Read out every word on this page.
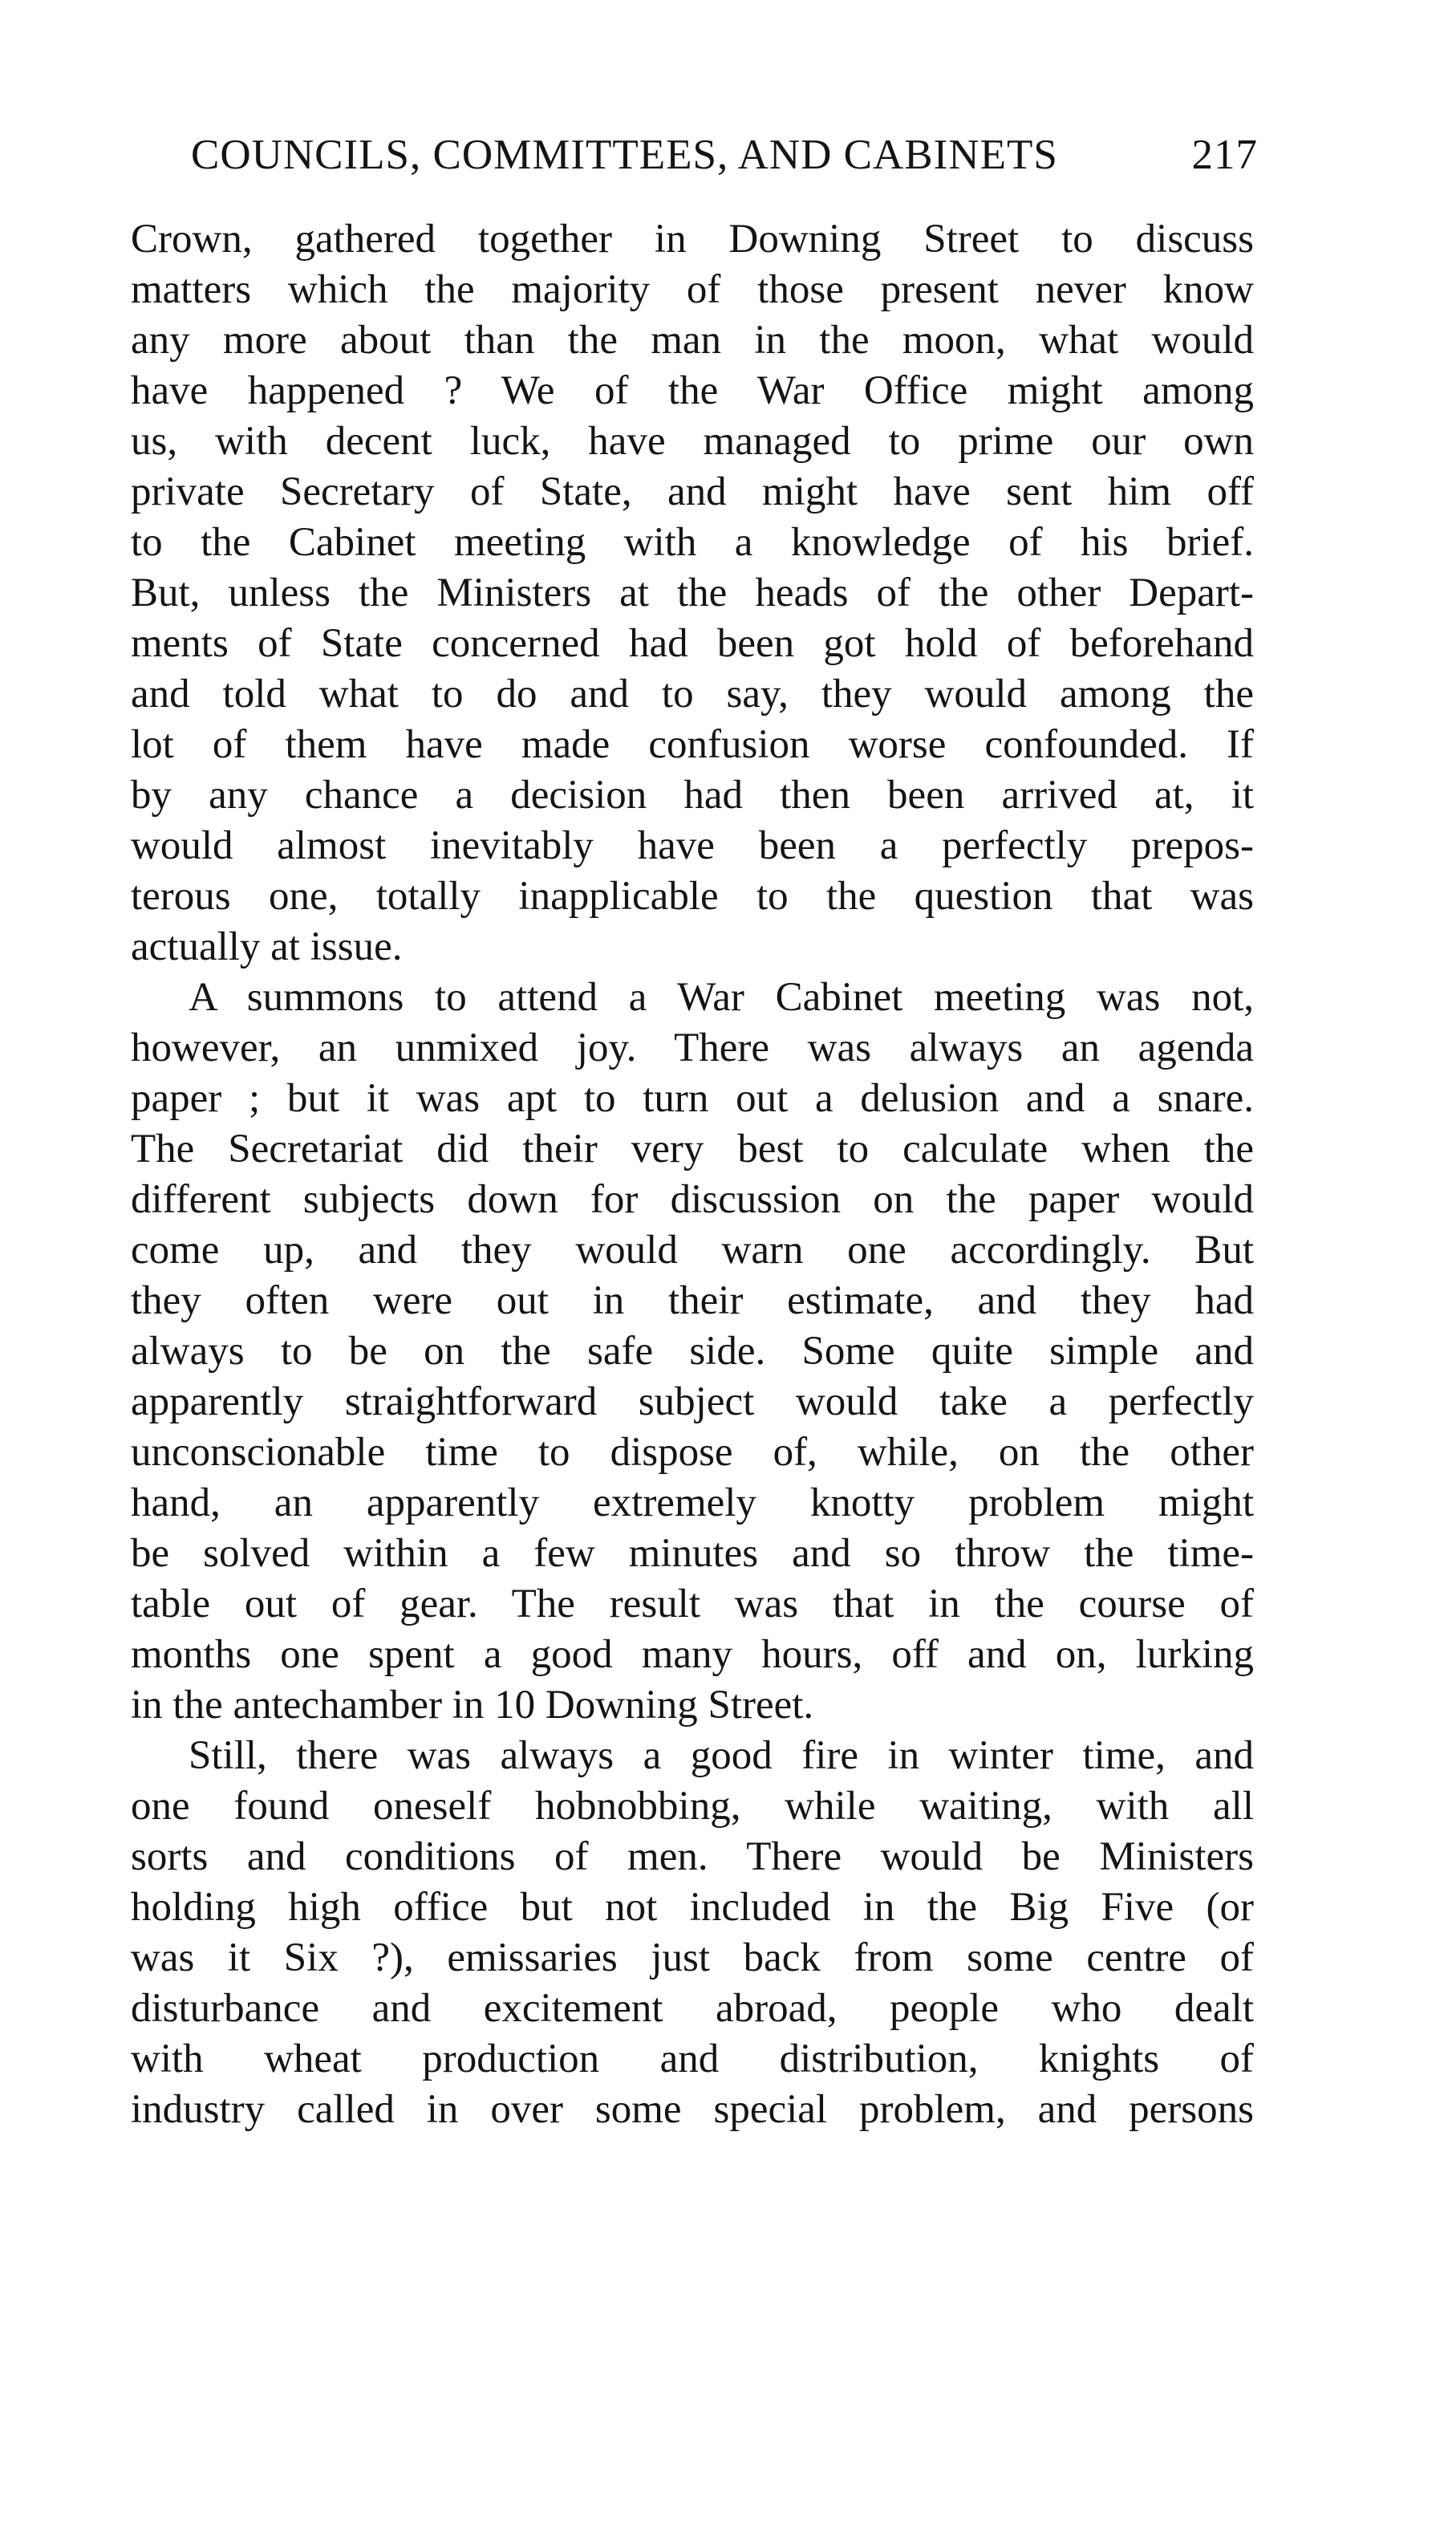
COUNCILS, COMMITTEES, AND CABINETS	217
Crown, gathered together in Downing Street to discuss
matters which the majority of those present never know
any more about than the man in the moon, what would
have happened ? We of the War Office might among
us, with decent luck, have managed to prime our own
private Secretary of State, and might have sent him off
to the Cabinet meeting with a knowledge of his brief.
But, unless the Ministers at the heads of the other Depart-
ments of State concerned had been got hold of beforehand
and told what to do and to say, they would among the
lot of them have made confusion worse confounded. If
by any chance a decision had then been arrived at, it
would almost inevitably have been a perfectly prepos-
terous one, totally inapplicable to the question that was
actually at issue.
A summons to attend a War Cabinet meeting was not,
however, an unmixed joy. There was always an agenda
paper ; but it was apt to turn out a delusion and a snare.
The Secretariat did their very best to calculate when the
different subjects down for discussion on the paper would
come up, and they would warn one accordingly. But
they often were out in their estimate, and they had
always to be on the safe side. Some quite simple and
apparently straightforward subject would take a perfectly
unconscionable time to dispose of, while, on the other
hand, an apparently extremely knotty problem might
be solved within a few minutes and so throw the time-
table out of gear. The result was that in the course of
months one spent a good many hours, off and on, lurking
in the antechamber in 10 Downing Street.
Still, there was always a good fire in winter time, and
one found oneself hobnobbing, while waiting, with all
sorts and conditions of men. There would be Ministers
holding high office but not included in the Big Five (or
was it Six ?), emissaries just back from some centre of
disturbance and excitement abroad, people who dealt
with wheat production and distribution, knights of
industry called in over some special problem, and persons
